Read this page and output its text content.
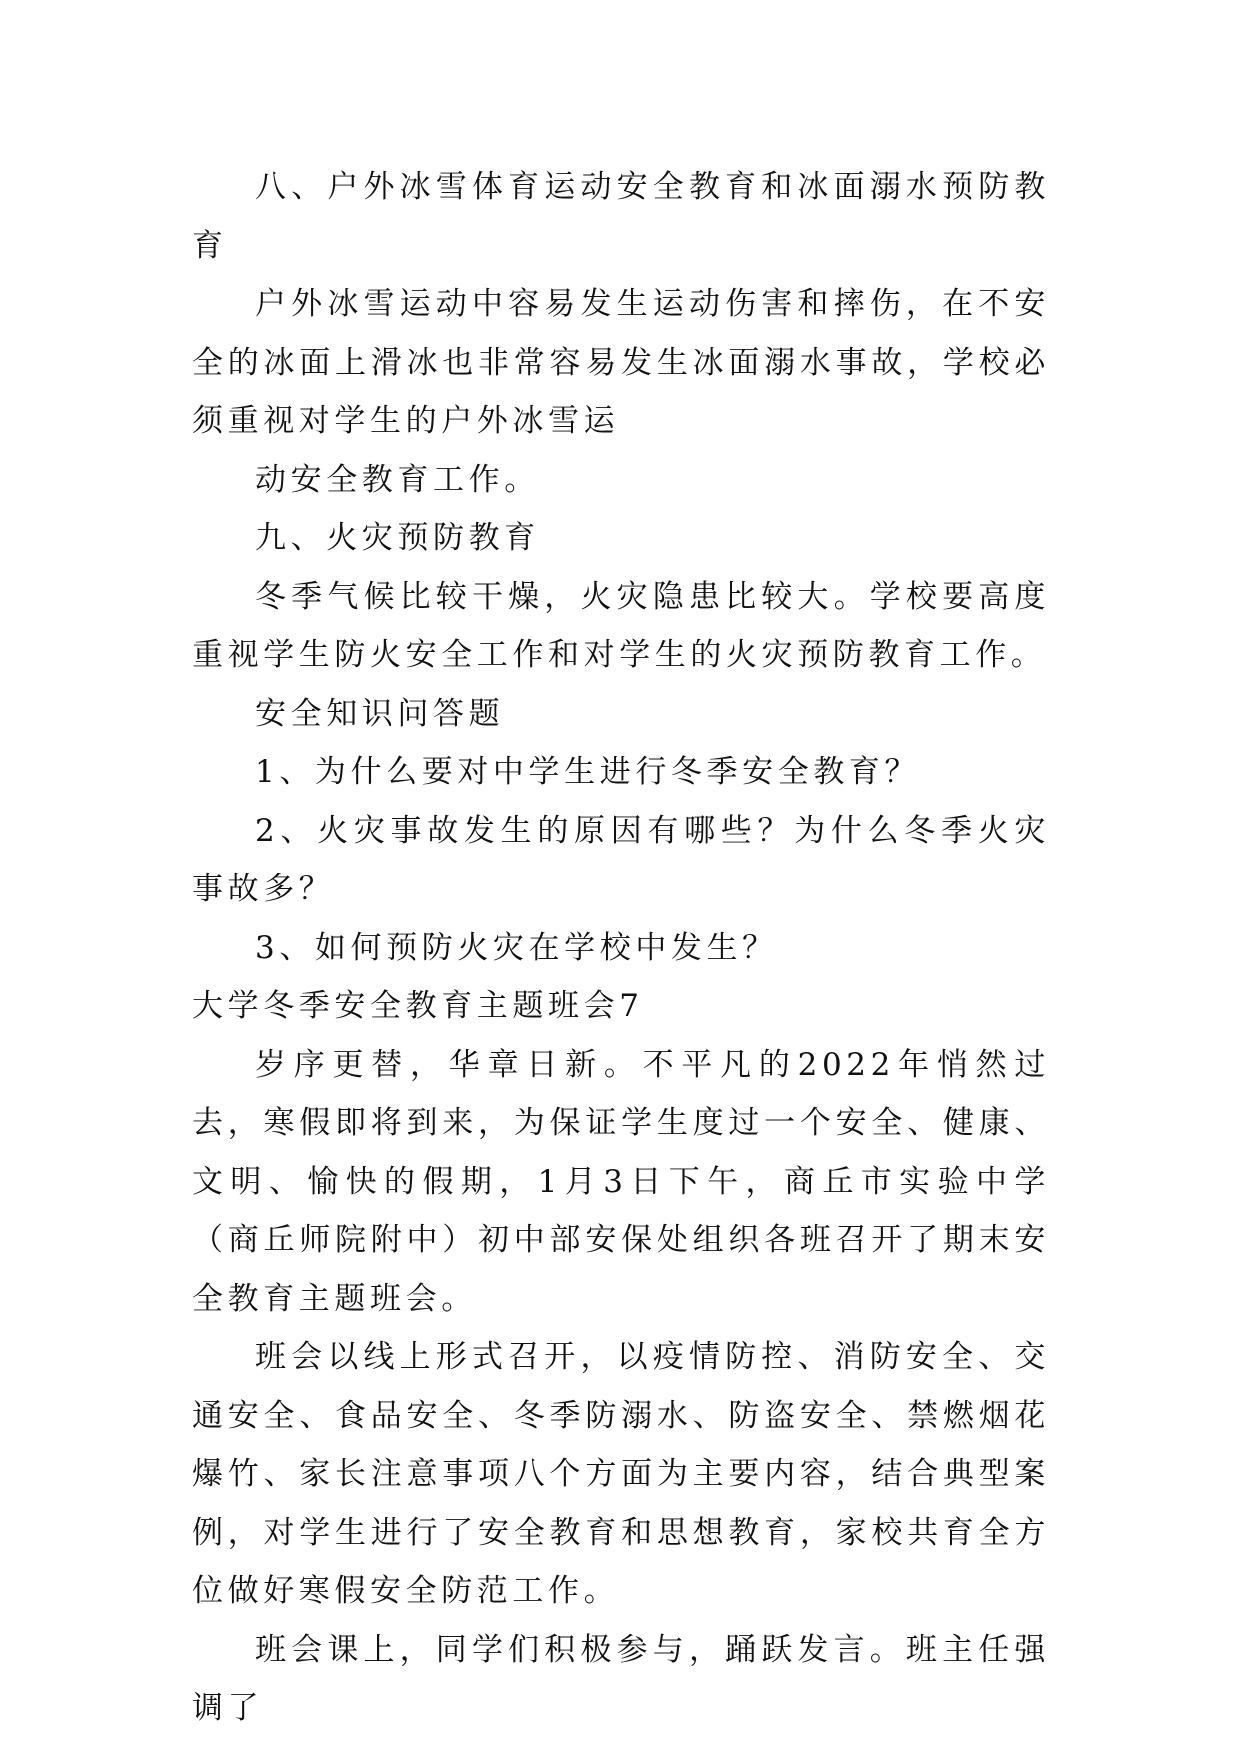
八、户外冰雪体育运动安全教育和冰面溺水预防教育

户外冰雪运动中容易发生运动伤害和摔伤，在不安全的冰面上滑冰也非常容易发生冰面溺水事故，学校必须重视对学生的户外冰雪运

动安全教育工作。

九、火灾预防教育

冬季气候比较干燥，火灾隐患比较大。学校要高度重视学生防火安全工作和对学生的火灾预防教育工作。

安全知识问答题

1、为什么要对中学生进行冬季安全教育？

2、火灾事故发生的原因有哪些？为什么冬季火灾事故多？

3、如何预防火灾在学校中发生？

大学冬季安全教育主题班会7

岁序更替，华章日新。不平凡的2022年悄然过去，寒假即将到来，为保证学生度过一个安全、健康、文明、愉快的假期，1月3日下午，商丘市实验中学（商丘师院附中）初中部安保处组织各班召开了期末安全教育主题班会。

班会以线上形式召开，以疫情防控、消防安全、交通安全、食品安全、冬季防溺水、防盗安全、禁燃烟花爆竹、家长注意事项八个方面为主要内容，结合典型案例，对学生进行了安全教育和思想教育，家校共育全方位做好寒假安全防范工作。

班会课上，同学们积极参与，踊跃发言。班主任强调了
